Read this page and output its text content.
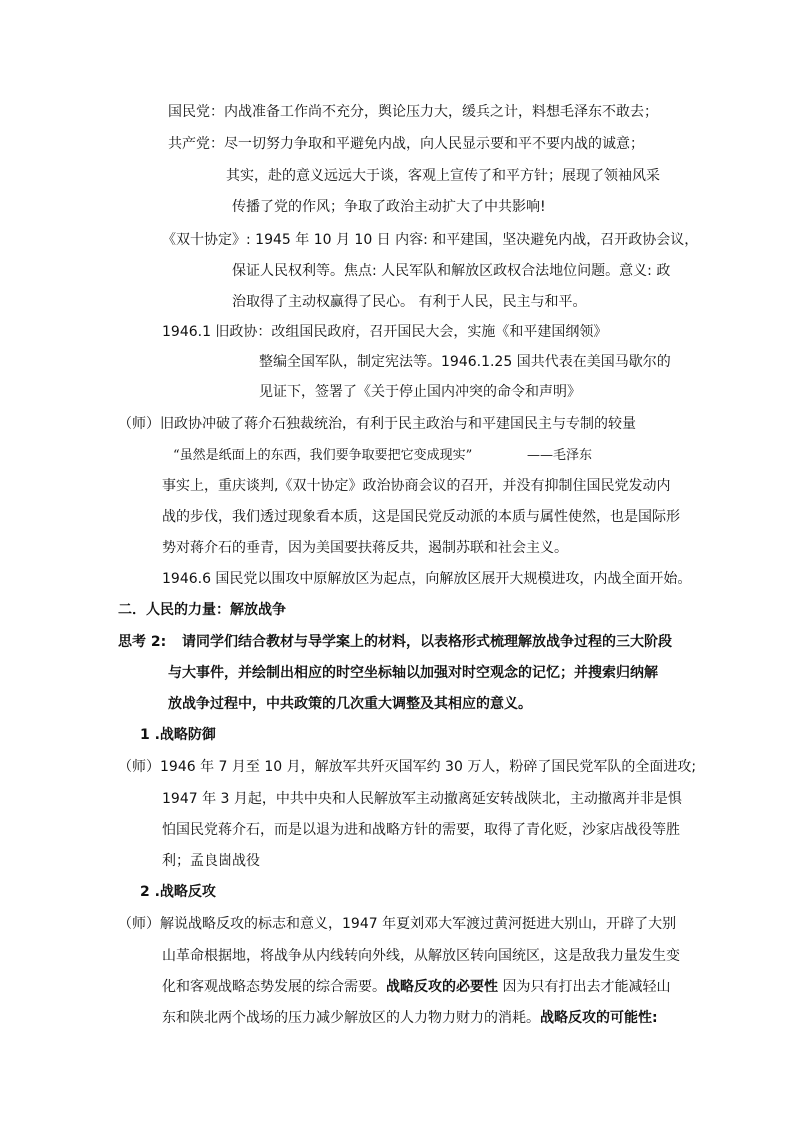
国民党：内战准备工作尚不充分，舆论压力大，缓兵之计，料想毛泽东不敢去；
共产党：尽一切努力争取和平避免内战，向人民显示要和平不要内战的诚意；
其实，赴的意义远远大于谈，客观上宣传了和平方针；展现了领袖风采
传播了党的作风；争取了政治主动扩大了中共影响!
《双十协定》: 1945 年 10 月 10 日 内容: 和平建国，坚决避免内战，召开政协会议，
保证人民权利等。焦点: 人民军队和解放区政权合法地位问题。意义: 政
治取得了主动权赢得了民心。 有利于人民，民主与和平。
1946.1 旧政协：改组国民政府，召开国民大会，实施《和平建国纲领》
整编全国军队，制定宪法等。1946.1.25 国共代表在美国马歇尔的
见证下，签署了《关于停止国内冲突的命令和声明》
（师）旧政协冲破了蒋介石独裁统治，有利于民主政治与和平建国民主与专制的较量
“虽然是纸面上的东西，我们要争取要把它变成现实”	——毛泽东
事实上，重庆谈判,《双十协定》政治协商会议的召开，并没有抑制住国民党发动内
战的步伐，我们透过现象看本质，这是国民党反动派的本质与属性使然，也是国际形
势对蒋介石的垂青，因为美国要扶蒋反共，遏制苏联和社会主义。
1946.6 国民党以围攻中原解放区为起点，向解放区展开大规模进攻，内战全面开始。
二．人民的力量：解放战争
思考 2: 请同学们结合教材与导学案上的材料，以表格形式梳理解放战争过程的三大阶段
与大事件，并绘制出相应的时空坐标轴以加强对时空观念的记忆；并搜索归纳解
放战争过程中，中共政策的几次重大调整及其相应的意义。
1 .战略防御
（师）1946 年 7 月至 10 月，解放军共歼灭国军约 30 万人，粉碎了国民党军队的全面进攻;
1947 年 3 月起，中共中央和人民解放军主动撤离延安转战陕北，主动撤离并非是惧
怕国民党蒋介石，而是以退为进和战略方针的需要，取得了青化贬，沙家店战役等胜
利；孟良崮战役
2 .战略反攻
（师）解说战略反攻的标志和意义，1947 年夏刘邓大军渡过黄河挺进大别山，开辟了大别
山革命根据地，将战争从内线转向外线，从解放区转向国统区，这是敌我力量发生变
化和客观战略态势发展的综合需要。战略反攻的必要性 因为只有打出去才能减轻山
东和陕北两个战场的压力减少解放区的人力物力财力的消耗。战略反攻的可能性:
